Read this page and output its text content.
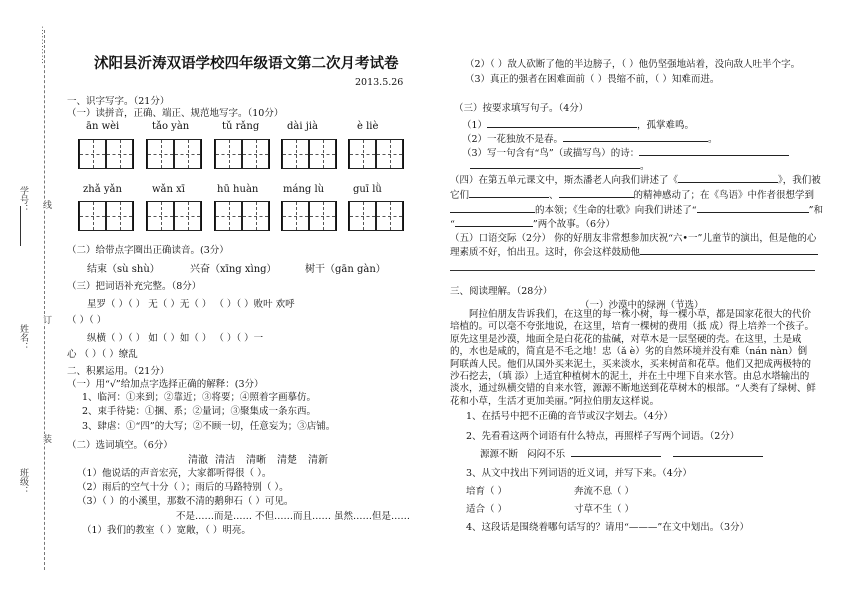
............
学号： 线
姓名：
订
班级：
装
沭阳县沂涛双语学校四年级语文第二次月考试卷
2013.5.26
一、识字写字。（21分）
（一）读拼音，正确、端正、规范地写字。（10分）
ān wèi	tǎo yàn	tǔ rǎng	dài jià	è liè
zhǎ yǎn	wǎn xī	hū huàn máng lù	guī lǜ
（二）给带点字圈出正确读音。(3分）
结束（sù shù）	兴奋（xīng xìng）	树干（gān gàn）
（三）把词语补充完整。（8分）
星罗（ ）（ ） 无（ ）无（ ） （ ）（ ）败叶 欢呼
（ ）（ ）
纵横（ ）（ ） 如（ ）如（ ） （ ）（ ）一
心 （ ）（ ）缭乱
二、积累运用。（21分）
（一）用“√”给加点字选择正确的解释：(3分）
1、临河：①来到；②靠近；③将要；④照着字画摹仿。
2、束手待毙：①捆、系；②量词；③聚集成一条东西。
3、肆虐：①“四”的大写；②不顾一切，任意妄为；③店铺。
（二）选词填空。（6分）
清澈 清洁 清晰 清楚 清新
（1）他说话的声音宏亮，大家都听得很（ ）。
（2）雨后的空气十分（ ）；雨后的马路特别（ ）。
（3）（ ）的小溪里，那数不清的鹅卵石（ ）可见。
不是……而是…… 不但……而且…… 虽然……但是……
（1）我们的教室（ ）宽敞，（ ）明亮。
（2）（ ）敌人砍断了他的半边膀子，（ ）他仍坚强地站着，没向敌人吐半个字。
（3）真正的强者在困难面前（ ）畏缩不前，（ ）知难而进。
（三）按要求填写句子。（4分）
（1）	，孤掌难鸣。
（2）一花独放不是春。	。
（3）写一句含有“鸟”（或描写鸟）的诗：
。
（四）在第五单元课文中，斯杰潘老人向我们讲述了《	》，我们被
它们	、	的精神感动了；在《鸟语》中作者很想学到
的本领；《生命的壮歌》向我们讲述了“	”和
“	”两个故事。（6分）
（五）口语交际（2分） 你的好朋友非常想参加庆祝“六•一”儿童节的演出，但是他的心
理素质不好，怕出丑。这时，你会这样鼓励他
三、阅读理解。（28分）
（一）沙漠中的绿洲（节选）
阿拉伯朋友告诉我们，在这里的每一株小树，每一棵小草，都是国家花很大的代价培植的。可以毫不夸张地说，在这里，培育一棵树的费用（抵 成）得上培养一个孩子。原先这里是沙漠，地面全是白花花的盐碱，对草木是一层坚硬的壳。在这里，土是咸的，水也是咸的，简直是不毛之地！忠（ǎ è）劣的自然环境并没有难（nán nàn）倒阿联酋人民。他们从国外买来泥土，买来淡水，买来树苗和花草。他们又把成两极特的沙石挖去，（填 添）上适宜种植树木的泥土，并在土中埋下自来水管。由总水塔输出的淡水，通过纵横交错的自来水管，源源不断地送到花草树木的根部。“人类有了绿树、鲜花和小草，生活才更加美丽。”阿拉伯朋友这样说。
1、在括号中把不正确的音节或汉字划去。（4分）
2、先看看这两个词语有什么特点，再照样子写两个词语。（2分）
源源不断 闷闷不乐
3、从文中找出下列词语的近义词，并写下来。（4分）
培育（ ）	奔流不息（ ）
适合（ ）	寸草不生（ ）
4、这段话是围绕着哪句话写的？请用“———”在文中划出。（3分）
